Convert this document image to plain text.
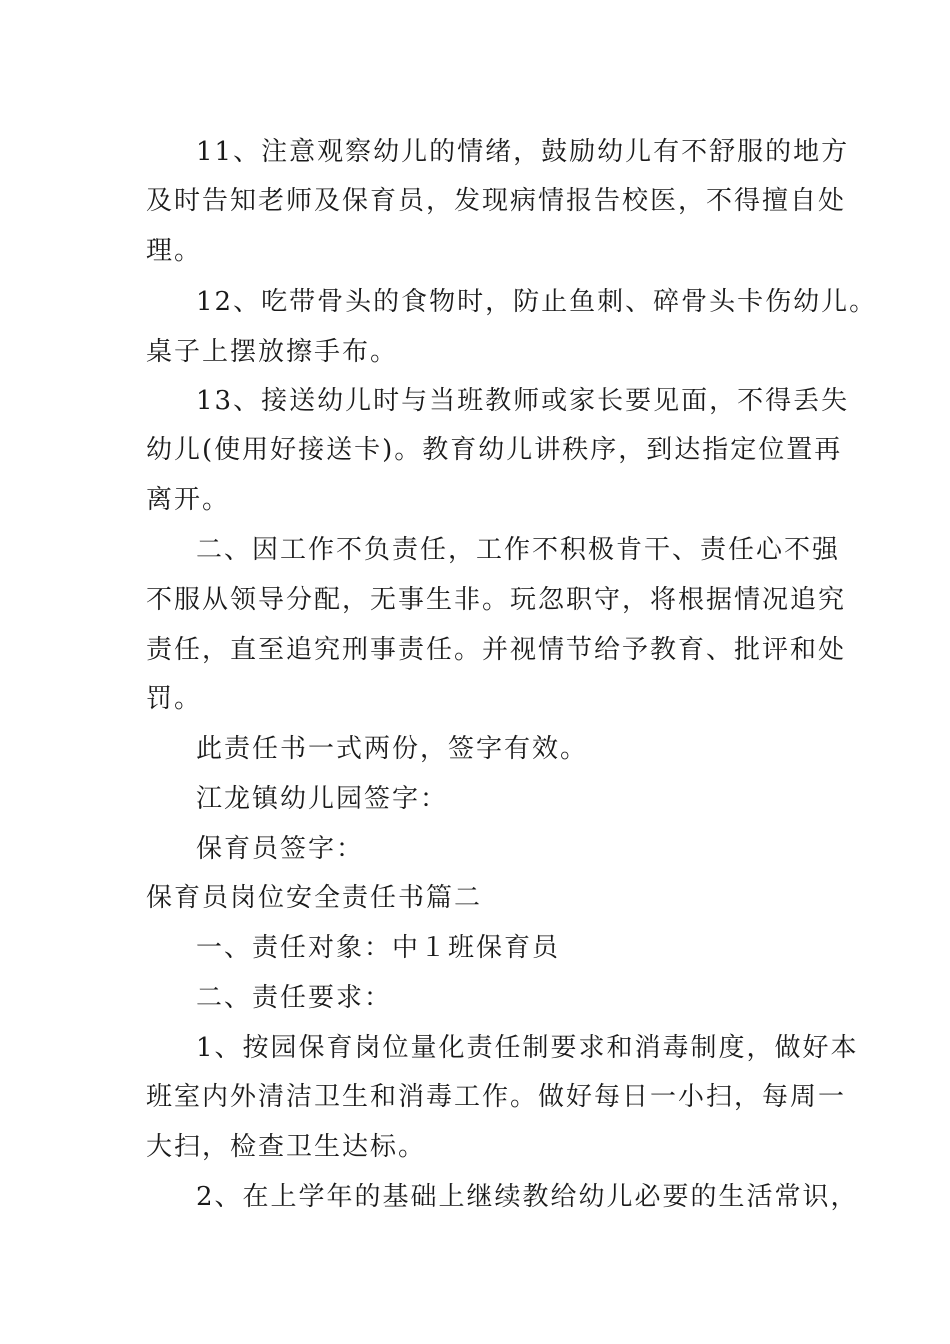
11、注意观察幼儿的情绪，鼓励幼儿有不舒服的地方
及时告知老师及保育员，发现病情报告校医，不得擅自处
理。
12、吃带骨头的食物时，防止鱼刺、碎骨头卡伤幼儿。
桌子上摆放擦手布。
13、接送幼儿时与当班教师或家长要见面，不得丢失
幼儿(使用好接送卡)。教育幼儿讲秩序，到达指定位置再
离开。
二、因工作不负责任，工作不积极肯干、责任心不强
不服从领导分配，无事生非。玩忽职守，将根据情况追究
责任，直至追究刑事责任。并视情节给予教育、批评和处
罚。
此责任书一式两份，签字有效。
江龙镇幼儿园签字：
保育员签字：
保育员岗位安全责任书篇二
一、责任对象：中１班保育员
二、责任要求：
1、按园保育岗位量化责任制要求和消毒制度，做好本
班室内外清洁卫生和消毒工作。做好每日一小扫，每周一
大扫，检查卫生达标。
2、在上学年的基础上继续教给幼儿必要的生活常识，
